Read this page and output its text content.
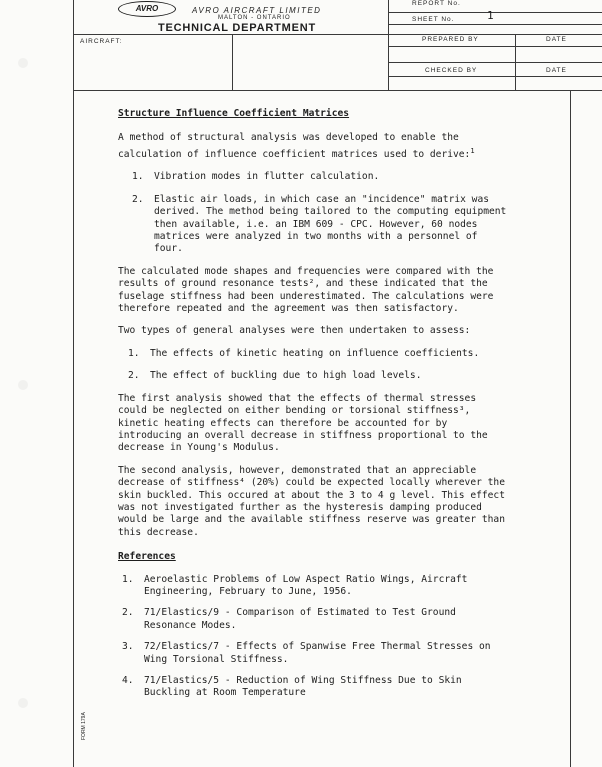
AVRO	AVRO AIRCRAFT LIMITED
MALTON - ONTARIO
TECHNICAL DEPARTMENT
AIRCRAFT:
REPORT No.
SHEET No.	1
PREPARED BY	DATE
CHECKED BY	DATE

Structure Influence Coefficient Matrices

A method of structural analysis was developed to enable the calculation of influence coefficient matrices used to derive:$^1$

1.	Vibration modes in flutter calculation.
2.	Elastic air loads, in which case an "incidence" matrix was derived. The method being tailored to the computing equipment then available, i.e. an IBM 609 - CPC. However, 60 nodes matrices were analyzed in two months with a personnel of four.

The calculated mode shapes and frequencies were compared with the results of ground resonance tests², and these indicated that the fuselage stiffness had been underestimated. The calculations were therefore repeated and the agreement was then satisfactory.

Two types of general analyses were then undertaken to assess:

1.	The effects of kinetic heating on influence coefficients.
2.	The effect of buckling due to high load levels.

The first analysis showed that the effects of thermal stresses could be neglected on either bending or torsional stiffness³, kinetic heating effects can therefore be accounted for by introducing an overall decrease in stiffness proportional to the decrease in Young's Modulus.

The second analysis, however, demonstrated that an appreciable decrease of stiffness⁴ (20%) could be expected locally wherever the skin buckled. This occured at about the 3 to 4 g level. This effect was not investigated further as the hysteresis damping produced would be large and the available stiffness reserve was greater than this decrease.

References

1.	Aeroelastic Problems of Low Aspect Ratio Wings, Aircraft Engineering, February to June, 1956.
2.	71/Elastics/9 - Comparison of Estimated to Test Ground Resonance Modes.
3.	72/Elastics/7 - Effects of Spanwise Free Thermal Stresses on Wing Torsional Stiffness.
4.	71/Elastics/5 - Reduction of Wing Stiffness Due to Skin Buckling at Room Temperature
FORM 179A
